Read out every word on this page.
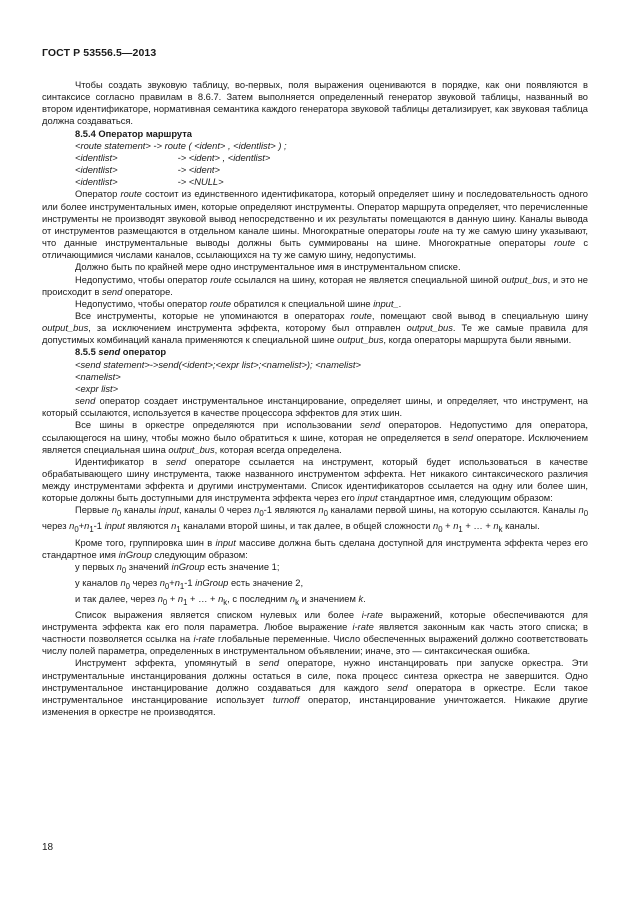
ГОСТ Р 53556.5—2013

Чтобы создать звуковую таблицу, во-первых, поля выражения оцениваются в порядке, как они появляются в синтаксисе согласно правилам в 8.6.7. Затем выполняется определенный генератор звуковой таблицы, названный во втором идентификаторе, нормативная семантика каждого генератора звуковой таблицы детализирует, как звуковая таблица должна создаваться.

8.5.4 Оператор маршрута

<route statement> -> route ( <ident> , <identlist> ) ;

<identlist>	-> <ident> , <identlist>

<identlist>	-> <ident>

<identlist>	-> <NULL>

Оператор route состоит из единственного идентификатора, который определяет шину и последовательность одного или более инструментальных имен, которые определяют инструменты. Оператор маршрута определяет, что перечисленные инструменты не производят звуковой вывод непосредственно и их результаты помещаются в данную шину. Каналы вывода от инструментов размещаются в отдельном канале шины. Многократные операторы route на ту же самую шину указывают, что данные инструментальные выводы должны быть суммированы на шине. Многократные операторы route с отличающимися числами каналов, ссылающихся на ту же самую шину, недопустимы.

Должно быть по крайней мере одно инструментальное имя в инструментальном списке.

Недопустимо, чтобы оператор route ссылался на шину, которая не является специальной шиной output_bus, и это не происходит в send операторе.

Недопустимо, чтобы оператор route обратился к специальной шине input_.

Все инструменты, которые не упоминаются в операторах route, помещают свой вывод в специальную шину output_bus, за исключением инструмента эффекта, которому был отправлен output_bus. Те же самые правила для допустимых комбинаций канала применяются к специальной шине output_bus, когда операторы маршрута были явными.

8.5.5 send оператор

<send statement>->send(<ident>;<expr list>;<namelist>); <namelist>

<namelist>

<expr list>

send оператор создает инструментальное инстанцирование, определяет шины, и определяет, что инструмент, на который ссылаются, используется в качестве процессора эффектов для этих шин.

Все шины в оркестре определяются при использовании send операторов. Недопустимо для оператора, ссылающегося на шину, чтобы можно было обратиться к шине, которая не определяется в send операторе. Исключением является специальная шина output_bus, которая всегда определена.

Идентификатор в send операторе ссылается на инструмент, который будет использоваться в качестве обрабатывающего шину инструмента, также названного инструментом эффекта. Нет никакого синтаксического различия между инструментами эффекта и другими инструментами. Список идентификаторов ссылается на одну или более шин, которые должны быть доступными для инструмента эффекта через его input стандартное имя, следующим образом:

Первые $n_0$ каналы input, каналы 0 через $n_0-1$ являются $n_0$ каналами первой шины, на которую ссылаются. Каналы $n_0$ через $n_0+n_1-1$ input являются $n_1$ каналами второй шины, и так далее, в общей сложности $n_0 + n_1$ + … + $n_k$ каналы.

Кроме того, группировка шин в input массиве должна быть сделана доступной для инструмента эффекта через его стандартное имя inGroup следующим образом:

у первых $n_0$ значений inGroup есть значение 1;

у каналов $n_0$ через $n_0+n_1-1$ inGroup есть значение 2,

и так далее, через $n_0 + n_1$ + … + $n_k$, с последним $n_k$ и значением k.

Список выражения является списком нулевых или более i-rate выражений, которые обеспечиваются для инструмента эффекта как его поля параметра. Любое выражение i-rate является законным как часть этого списка; в частности позволяется ссылка на i-rate глобальные переменные. Число обеспеченных выражений должно соответствовать числу полей параметра, определенных в инструментальном объявлении; иначе, это — синтаксическая ошибка.

Инструмент эффекта, упомянутый в send операторе, нужно инстанцировать при запуске оркестра. Эти инструментальные инстанцирования должны остаться в силе, пока процесс синтеза оркестра не завершится. Одно инструментальное инстанцирование должно создаваться для каждого send оператора в оркестре. Если такое инструментальное инстанцирование использует turnoff оператор, инстанцирование уничтожается. Никакие другие изменения в оркестре не производятся.

18
